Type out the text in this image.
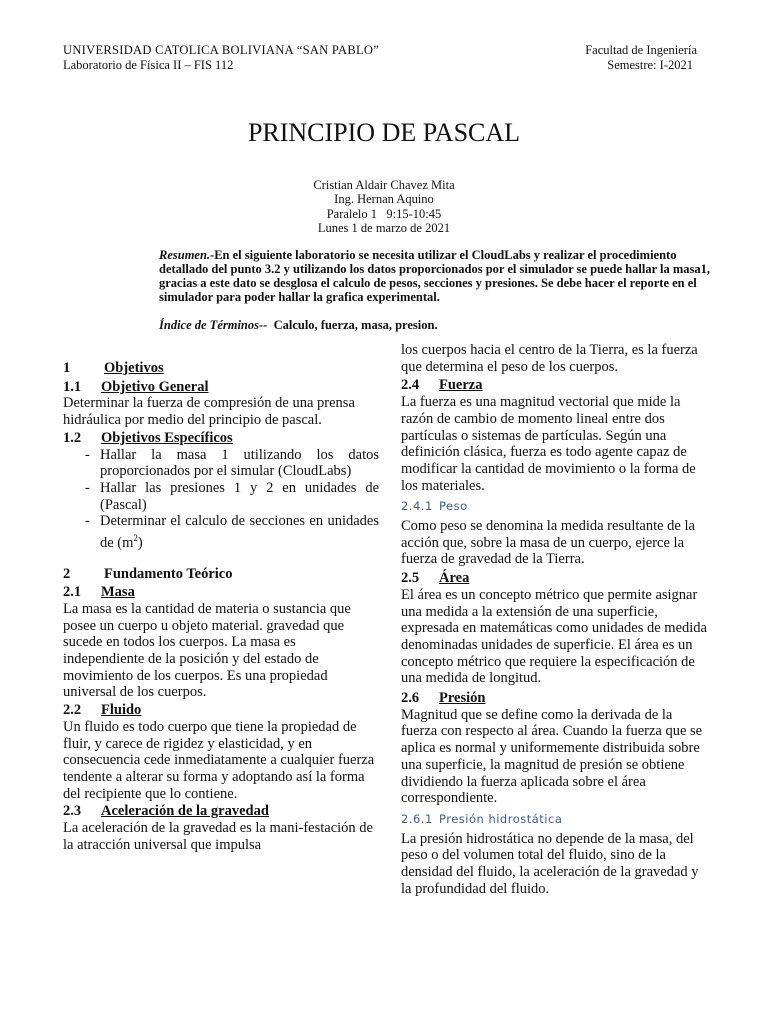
UNIVERSIDAD CATOLICA BOLIVIANA “SAN PABLO”
Laboratorio de Física II – FIS 112
Facultad de Ingeniería
Semestre: I-2021
PRINCIPIO DE PASCAL
Cristian Aldair Chavez Mita
Ing. Hernan Aquino
Paralelo 1   9:15-10:45
Lunes 1 de marzo de 2021
Resumen.-En el siguiente laboratorio se necesita utilizar el CloudLabs y realizar el procedimiento detallado del punto 3.2 y utilizando los datos proporcionados por el simulador se puede hallar la masa1, gracias a este dato se desglosa el calculo de pesos, secciones y presiones. Se debe hacer el reporte en el simulador para poder hallar la grafica experimental.
Índice de Términos-- Calculo, fuerza, masa, presion.
1	Objetivos
1.1	Objetivo General

Determinar la fuerza de compresión de una prensa hidráulica por medio del principio de pascal.

1.2	Objetivos Específicos
- Hallar la masa 1 utilizando los datos proporcionados por el simular (CloudLabs)
- Hallar las presiones 1 y 2 en unidades de (Pascal)
- Determinar el calculo de secciones en unidades de $(m^2)$
2	Fundamento Teórico
2.1	Masa

La masa es la cantidad de materia o sustancia que posee un cuerpo u objeto material. gravedad que sucede en todos los cuerpos. La masa es independiente de la posición y del estado de movimiento de los cuerpos. Es una propiedad universal de los cuerpos.

2.2	Fluido

Un fluido es todo cuerpo que tiene la propiedad de fluir, y carece de rigidez y elasticidad, y en consecuencia cede inmediatamente a cualquier fuerza tendente a alterar su forma y adoptando así la forma del recipiente que lo contiene.

2.3	Aceleración de la gravedad

La aceleración de la gravedad es la mani-festación de la atracción universal que impulsa

los cuerpos hacia el centro de la Tierra, es la fuerza que determina el peso de los cuerpos.

2.4	Fuerza

La fuerza es una magnitud vectorial que mide la razón de cambio de momento lineal entre dos partículas o sistemas de partículas. Según una definición clásica, fuerza es todo agente capaz de modificar la cantidad de movimiento o la forma de los materiales.

2.4.1 Peso

Como peso se denomina la medida resultante de la acción que, sobre la masa de un cuerpo, ejerce la fuerza de gravedad de la Tierra.

2.5	Área

El área es un concepto métrico que permite asignar una medida a la extensión de una superficie, expresada en matemáticas como unidades de medida denominadas unidades de superficie. El área es un concepto métrico que requiere la especificación de una medida de longitud.

2.6	Presión

Magnitud que se define como la derivada de la fuerza con respecto al área. Cuando la fuerza que se aplica es normal y uniformemente distribuida sobre una superficie, la magnitud de presión se obtiene dividiendo la fuerza aplicada sobre el área correspondiente.

2.6.1 Presión hidrostática

La presión hidrostática no depende de la masa, del peso o del volumen total del fluido, sino de la densidad del fluido, la aceleración de la gravedad y la profundidad del fluido.
